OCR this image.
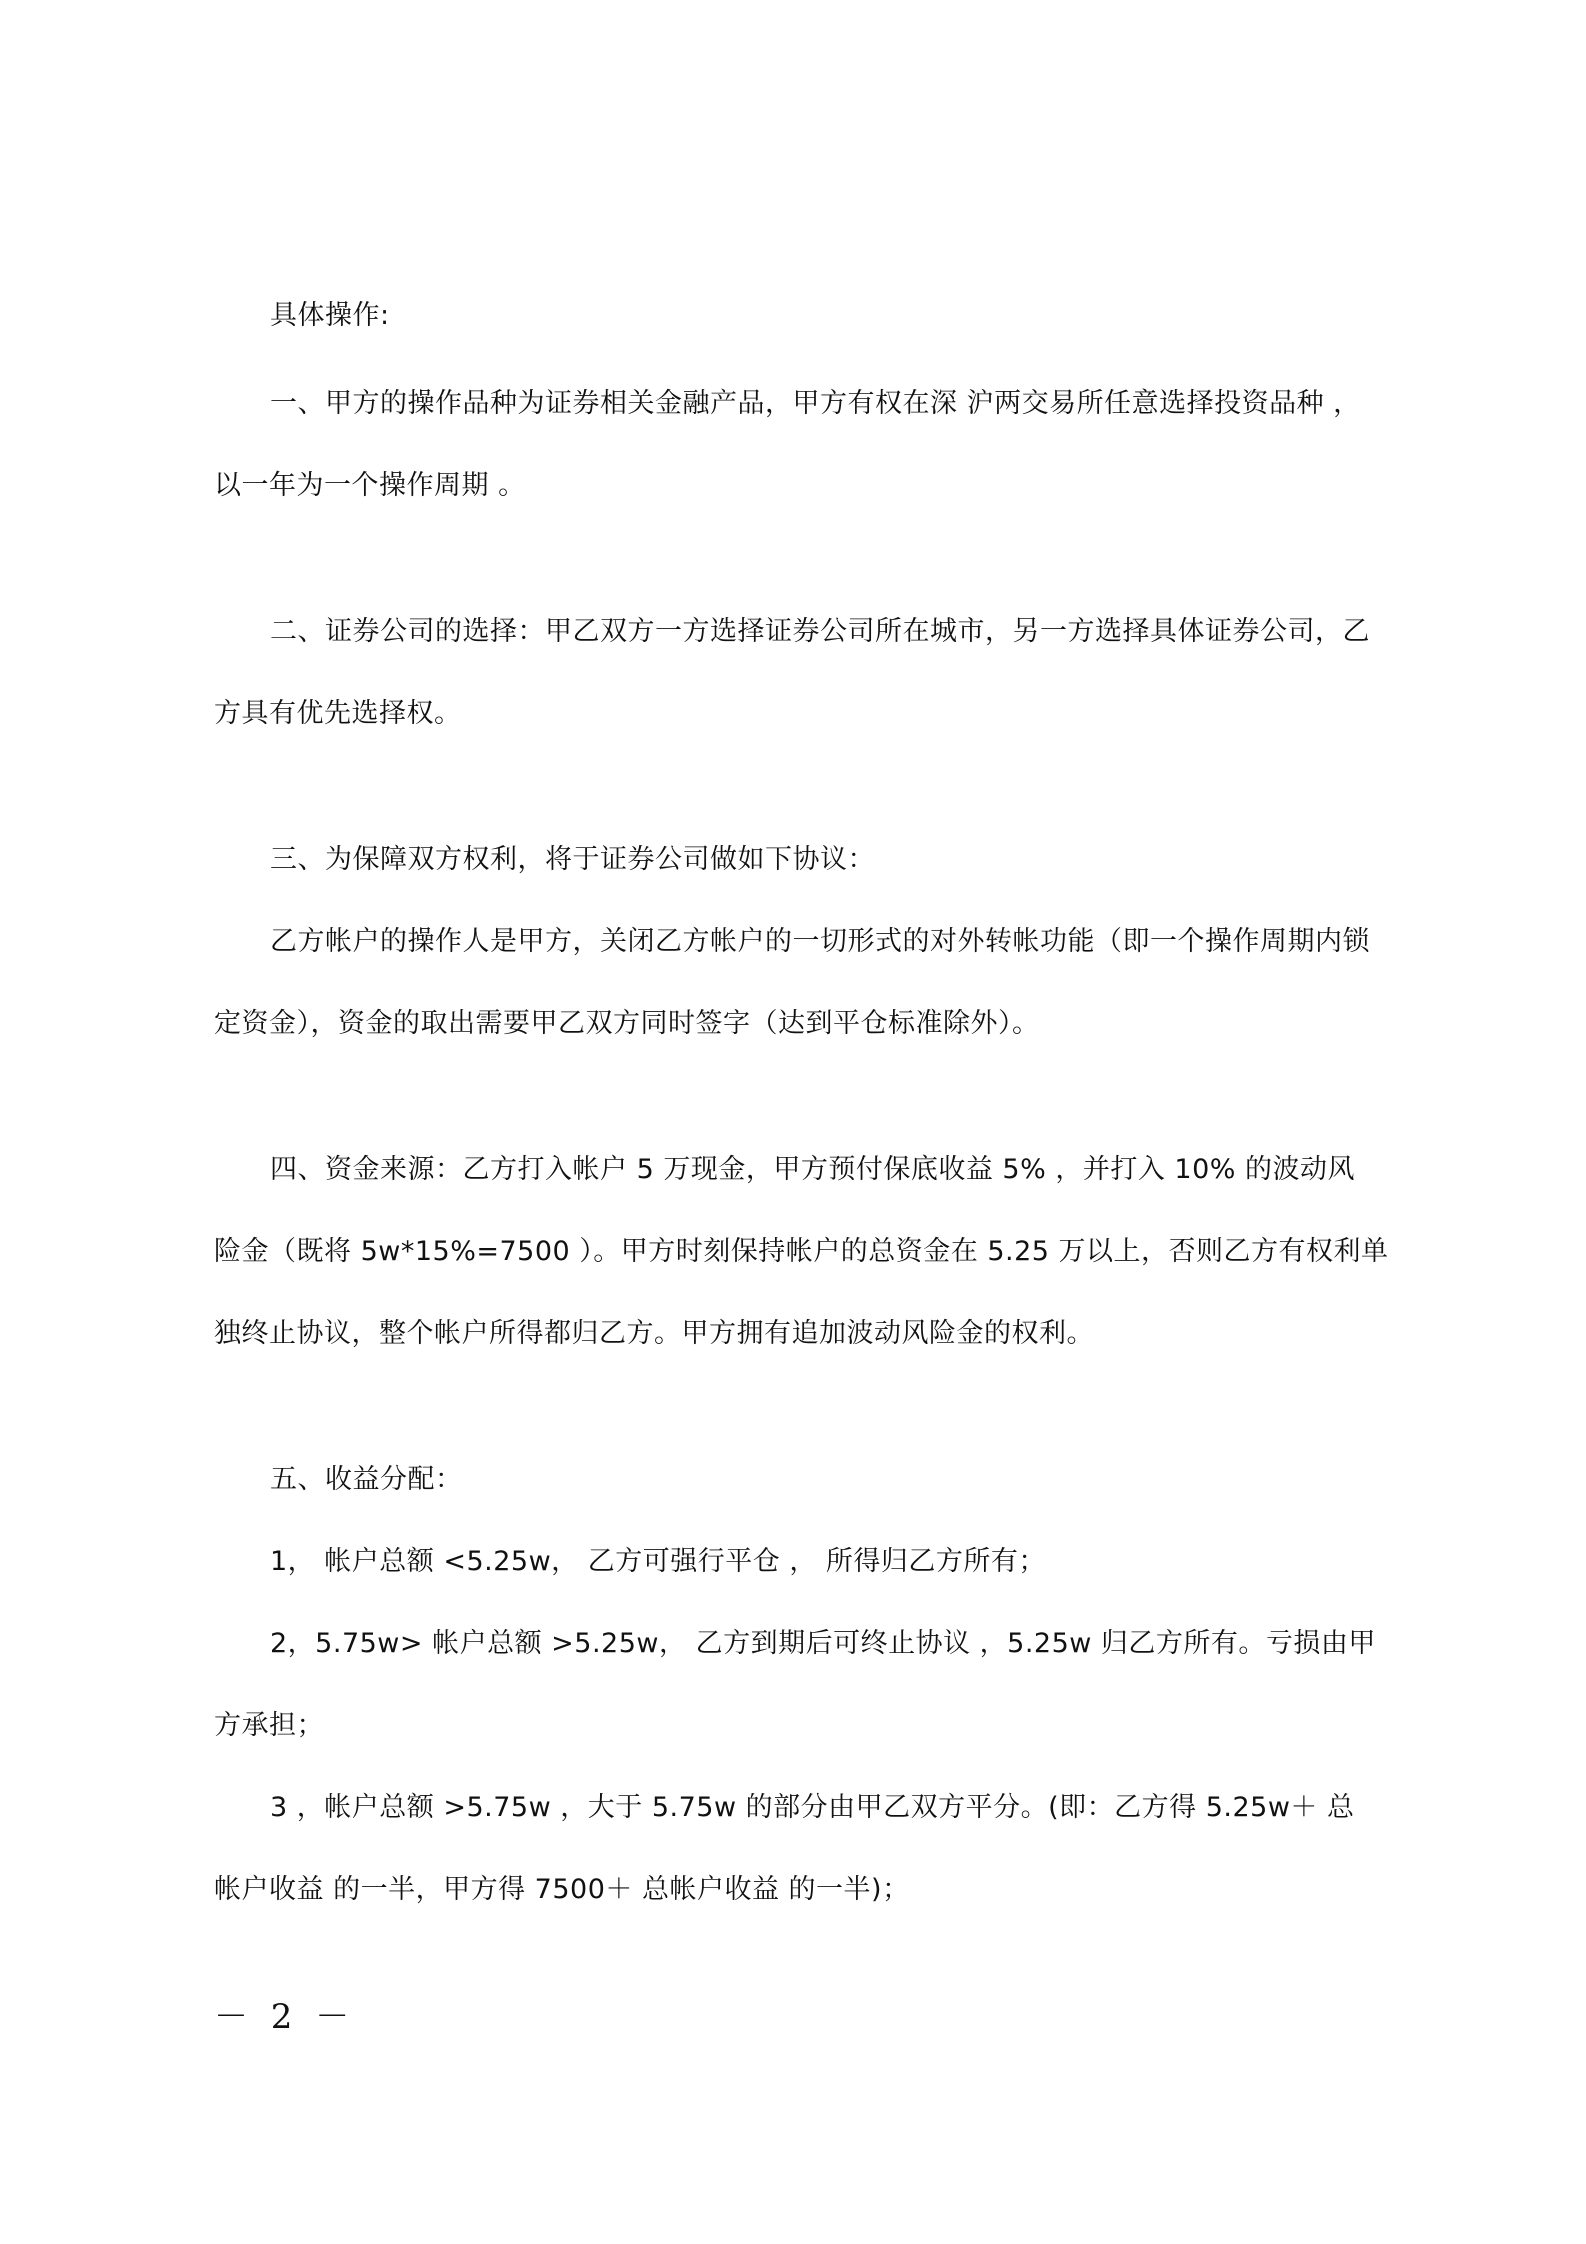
具体操作:
一、甲方的操作品种为证券相关金融产品，甲方有权在深 沪两交易所任意选择投资品种 ，
以一年为一个操作周期 。
二、证券公司的选择：甲乙双方一方选择证券公司所在城市，另一方选择具体证券公司，乙
方具有优先选择权。
三、为保障双方权利，将于证券公司做如下协议：
乙方帐户的操作人是甲方，关闭乙方帐户的一切形式的对外转帐功能（即一个操作周期内锁
定资金），资金的取出需要甲乙双方同时签字（达到平仓标准除外）。
四、资金来源：乙方打入帐户 5 万现金，甲方预付保底收益 5% ，并打入 10% 的波动风
险金（既将 5w*15%=7500 ）。甲方时刻保持帐户的总资金在 5.25 万以上，否则乙方有权利单
独终止协议，整个帐户所得都归乙方。甲方拥有追加波动风险金的权利。
五、收益分配：
1， 帐户总额 <5.25w， 乙方可强行平仓 ， 所得归乙方所有；
2，5.75w> 帐户总额 >5.25w， 乙方到期后可终止协议 ，5.25w 归乙方所有。亏损由甲
方承担；
3 ，帐户总额 >5.75w ，大于 5.75w 的部分由甲乙双方平分。(即：乙方得 5.25w＋ 总
帐户收益 的一半，甲方得 7500＋ 总帐户收益 的一半)；
－ 2 －
